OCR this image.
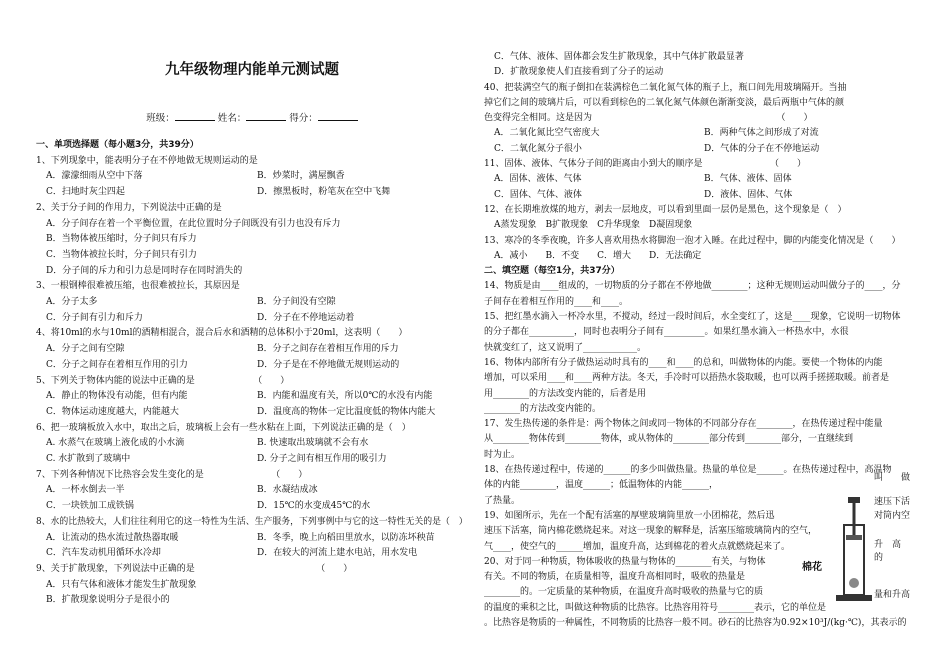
九年级物理内能单元测试题
班级：	姓名：	得分：
一、单项选择题（每小题3分，共39分）
1、下列现象中，能表明分子在不停地做无规则运动的是
A．濛濛细雨从空中下落	B．炒菜时，满屋飘香
C．扫地时灰尘四起	D．擦黑板时，粉笔灰在空中飞舞
2、关于分子间的作用力，下列说法中正确的是
A．分子间存在着一个平衡位置，在此位置时分子间既没有引力也没有斥力
B．当物体被压缩时，分子间只有斥力
C．当物体被拉长时，分子间只有引力
D．分子间的斥力和引力总是同时存在同时消失的
3、一根钢棒很难被压缩，也很难被拉长，其原因是
A．分子太多	B．分子间没有空隙
C．分子间有引力和斥力	D．分子在不停地运动着
4、将10ml的水与10ml的酒精相混合，混合后水和酒精的总体积小于20ml，这表明（　　）
A．分子之间有空隙	B．分子之间存在着相互作用的斥力
C．分子之间存在着相互作用的引力	D．分子是在不停地做无规则运动的
5、下列关于物体内能的说法中正确的是　　　　　　　（　　）
A．静止的物体没有动能，但有内能	B．内能和温度有关，所以0℃的水没有内能
C．物体运动速度越大，内能越大	D．温度高的物体一定比温度低的物体内能大
6、把一玻璃板放入水中，取出之后，玻璃板上会有一些水粘在上面，下列说法正确的是（　）
A. 水蒸气在玻璃上液化成的小水滴	B. 快速取出玻璃就不会有水
C. 水扩散到了玻璃中	D. 分子之间有相互作用的吸引力
7、下列各种情况下比热容会发生变化的是　　　　　　　　（　　）
A．一杯水倒去一半	B．水凝结成冰
C．一块铁加工成铁锅	D．15℃的水变成45℃的水
8、水的比热较大，人们往往利用它的这一特性为生活、生产服务，下列事例中与它的这一特性无关的是（　）
A．让流动的热水流过散热器取暖	B．冬季，晚上向稻田里放水，以防冻坏秧苗
C．汽车发动机用循环水冷却	D．在较大的河流上建水电站，用水发电
9、关于扩散现象，下列说法中正确的是　　　　　　　　　　　　　　（　　）
A．只有气体和液体才能发生扩散现象
B．扩散现象说明分子是很小的
C．气体、液体、固体都会发生扩散现象，其中气体扩散最显著
D．扩散现象使人们直接看到了分子的运动
40、把装满空气的瓶子倒扣在装满棕色二氧化氮气体的瓶子上，瓶口间先用玻璃隔开。当抽
掉它们之间的玻璃片后，可以看到棕色的二氧化氮气体颜色渐渐变淡，最后两瓶中气体的颜
色变得完全相同。这是因为　　　　　　　　　　　　　　　　　　　　　（　　）
A．二氧化氮比空气密度大	B．两种气体之间形成了对流
C．二氧化氮分子很小	D．气体的分子在不停地运动
11、固体、液体、气体分子间的距离由小到大的顺序是　　　　　　　　（　　）
A．固体、液体、气体	B．气体、液体、固体
C．固体、气体、液体	D．液体、固体、气体
12、在长期堆放煤的地方，剥去一层地皮，可以看到里面一层仍是黑色，这个现象是（　）
A蒸发现象　B扩散现象　C升华现象　D凝固现象
13、寒冷的冬季夜晚，许多人喜欢用热水将脚泡一泡才入睡。在此过程中，脚的内能变化情况是（　　）
A．减小　　B．不变　　C．增大　　D．无法确定
二、填空题（每空1分，共37分）
14、物质是由____组成的，一切物质的分子都在不停地做________；这种无规则运动叫做分子的____，分
子间存在着相互作用的____和____。
15、把红墨水滴入一杯冷水里，不搅动，经过一段时间后，水全变红了，这是____现象，它说明一切物体
的分子都在__________，同时也表明分子间有_________。如果红墨水滴入一杯热水中，水很
快就变红了，这又说明了____________。
16、物体内部所有分子做热运动时具有的____和____的总和，叫做物体的内能。要使一个物体的内能
增加，可以采用____和____两种方法。冬天，手冷时可以捂热水袋取暖，也可以两手搓搓取暖。前者是
用________的方法改变内能的，后者是用
________的方法改变内能的。
17、发生热传递的条件是：两个物体之间或同一物体的不同部分存在________，在热传递过程中能量
从________物体传到________物体，或从物体的________部分传到________部分，一直继续到
时为止。
18、在热传递过程中，传递的______的多少叫做热量。热量的单位是______。在热传递过程中，高温物
体的内能________，温度______；低温物体的内能______，
了热量。
19、如图所示，先在一个配有活塞的厚壁玻璃筒里放一小团棉花，然后迅
速压下活塞，筒内棉花燃烧起来。对这一现象的解释是，活塞压缩玻璃筒内的空气，
气____，使空气的______增加，温度升高，达到棉花的着火点就燃烧起来了。
20、对于同一种物质，物体吸收的热量与物体的________有关，与物体
有关。不同的物质，在质量相等，温度升高相同时，吸收的热量是
________的。一定质量的某种物质，在温度升高时吸收的热量与它的质
的温度的乘积之比，叫做这种物质的比热容。比热容用符号________表示，它的单位是
。比热容是物质的一种属性，不同物质的比热容一般不同。砂石的比热容为0.92×10³J/(kg·℃)，其表示的
棉花
速压下活
对筒内空
升　高　的
量和升高
叫　　做
